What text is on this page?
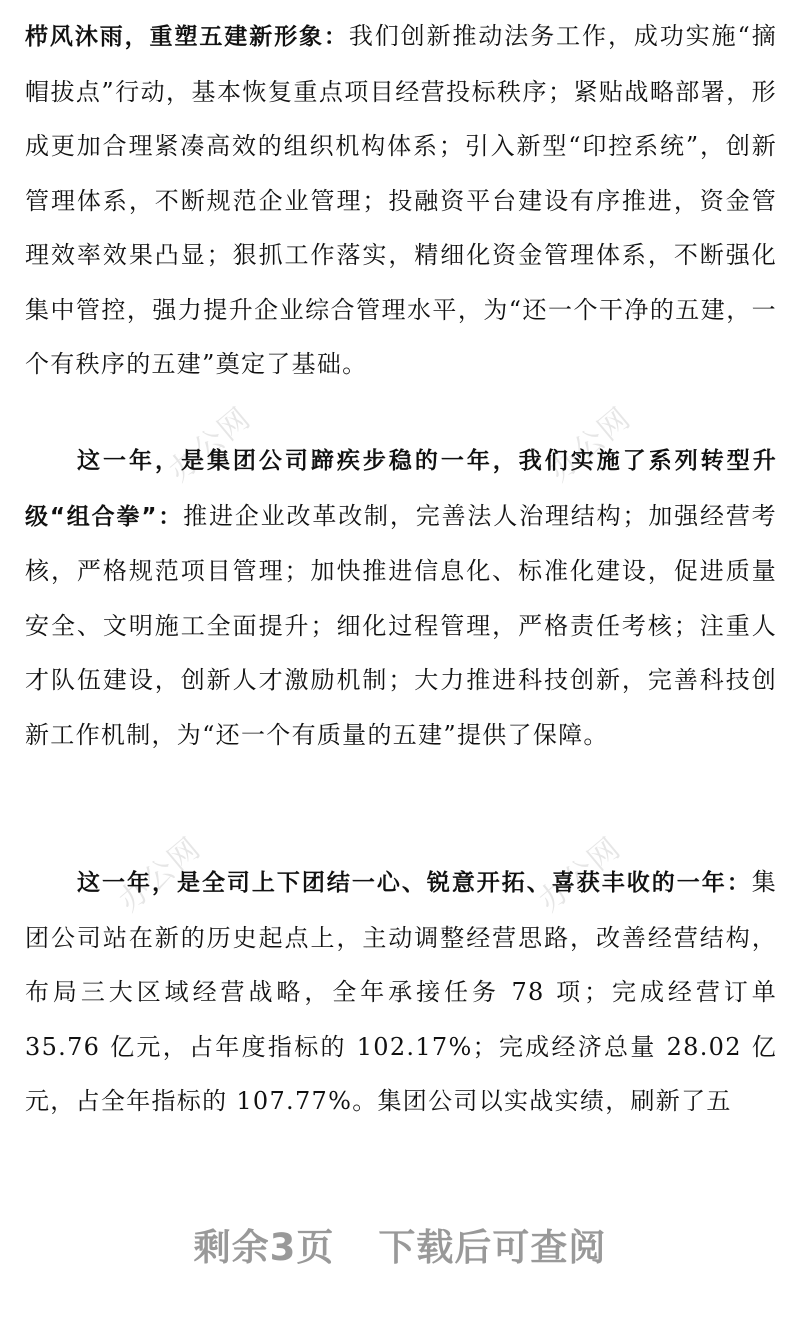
办公网	办公网
办公网	办公网

栉风沐雨，重塑五建新形象：我们创新推动法务工作，成功实施“摘帽拔点”行动，基本恢复重点项目经营投标秩序；紧贴战略部署，形成更加合理紧凑高效的组织机构体系；引入新型“印控系统”，创新管理体系，不断规范企业管理；投融资平台建设有序推进，资金管理效率效果凸显；狠抓工作落实，精细化资金管理体系，不断强化集中管控，强力提升企业综合管理水平，为“还一个干净的五建，一个有秩序的五建”奠定了基础。

这一年，是集团公司蹄疾步稳的一年，我们实施了系列转型升级“组合拳”：推进企业改革改制，完善法人治理结构；加强经营考核，严格规范项目管理；加快推进信息化、标准化建设，促进质量安全、文明施工全面提升；细化过程管理，严格责任考核；注重人才队伍建设，创新人才激励机制；大力推进科技创新，完善科技创新工作机制，为“还一个有质量的五建”提供了保障。

这一年，是全司上下团结一心、锐意开拓、喜获丰收的一年：集团公司站在新的历史起点上，主动调整经营思路，改善经营结构，布局三大区域经营战略，全年承接任务 78 项；完成经营订单 35.76 亿元，占年度指标的 102.17%；完成经济总量 28.02 亿元，占全年指标的 107.77%。集团公司以实战实绩，刷新了五

剩余3页 下载后可查阅
